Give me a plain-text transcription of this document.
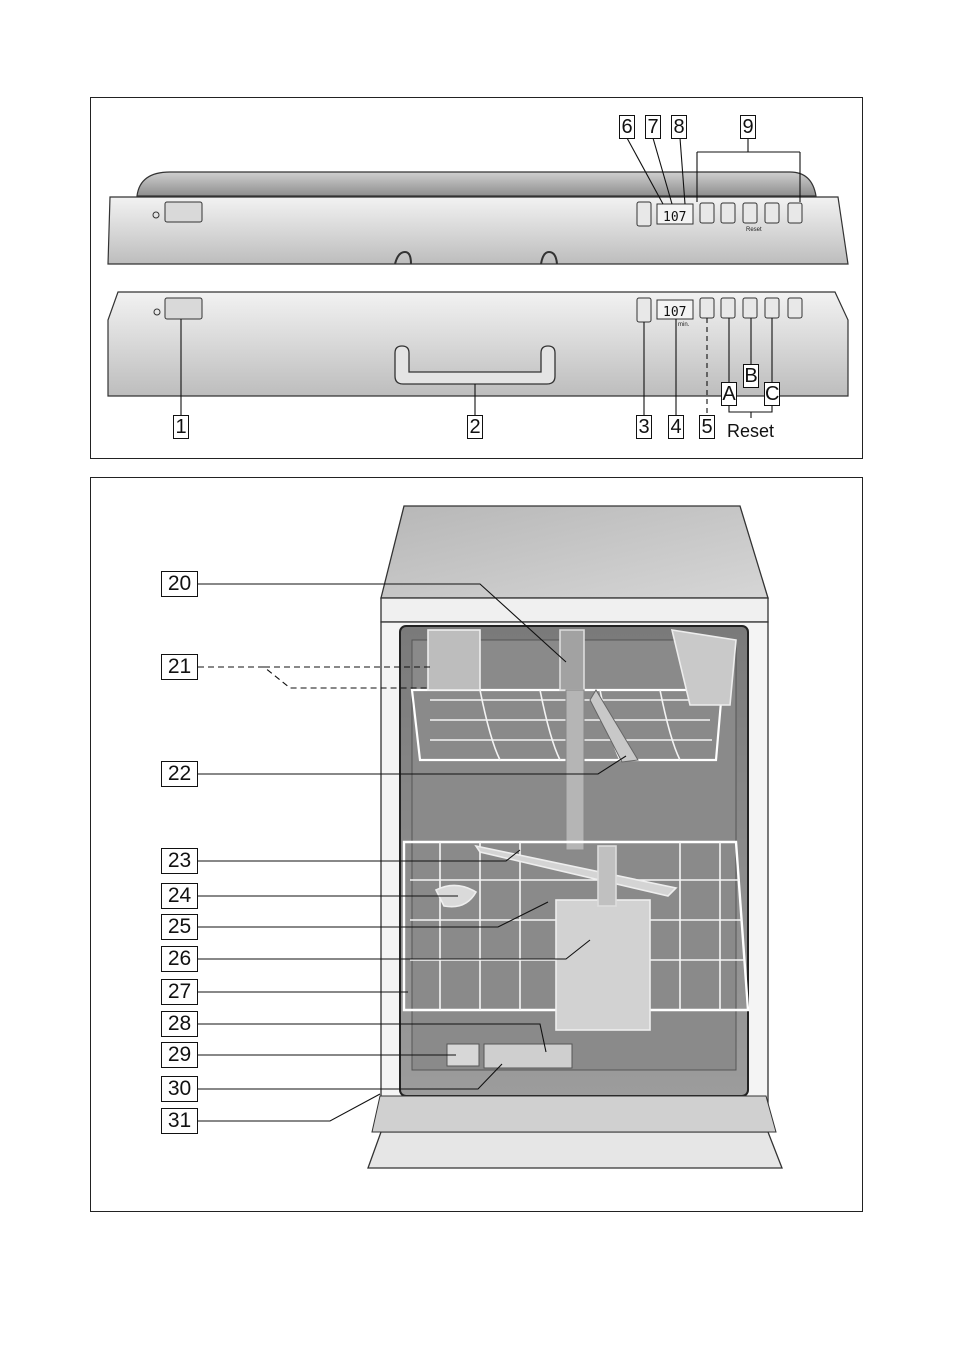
107
Reset
107
min.
6 7 8	9
1	2	3 4 5
A
B
C
Reset
20
21
22
23
24
25
26
27
28
29
30
31
